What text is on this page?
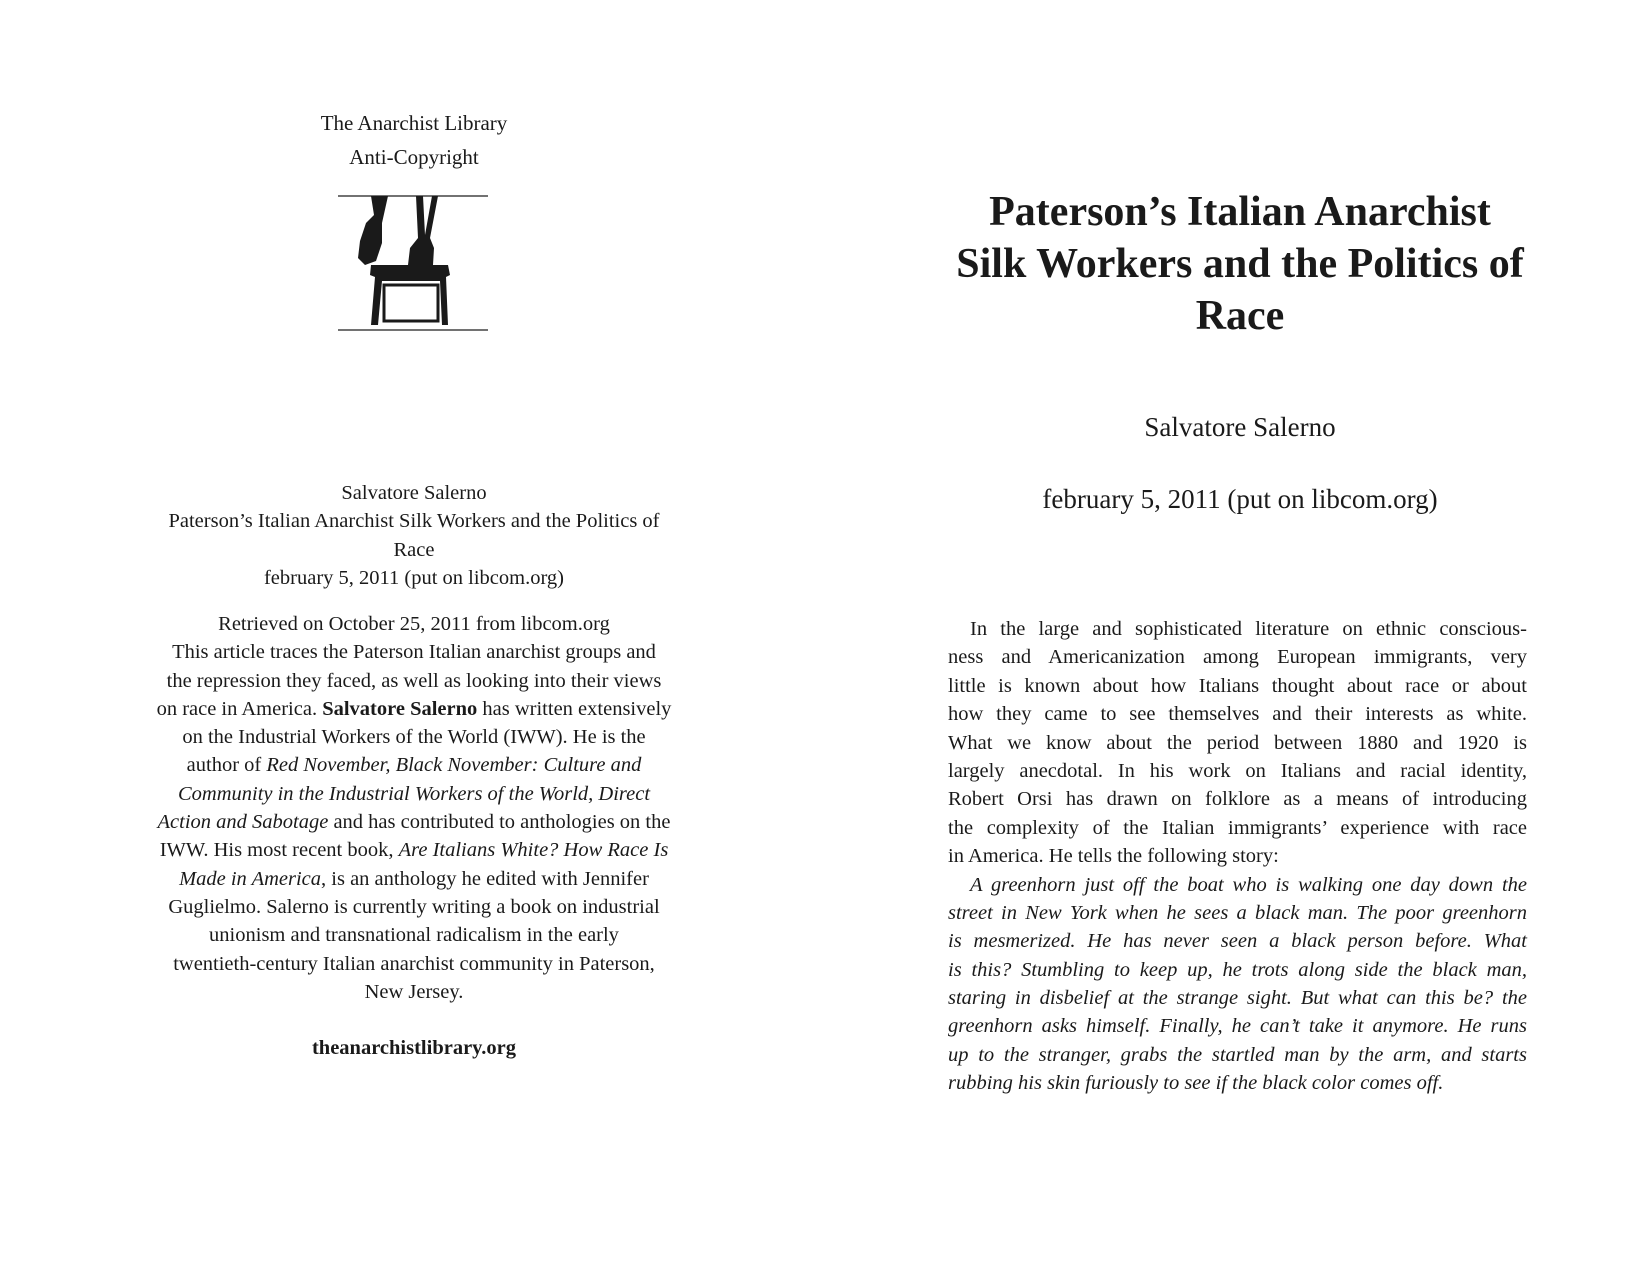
The Anarchist Library
Anti-Copyright
Salvatore Salerno
Paterson’s Italian Anarchist Silk Workers and the Politics of
Race
february 5, 2011 (put on libcom.org)
Retrieved on October 25, 2011 from libcom.org
This article traces the Paterson Italian anarchist groups and
the repression they faced, as well as looking into their views
on race in America. Salvatore Salerno has written extensively
on the Industrial Workers of the World (IWW). He is the
author of Red November, Black November: Culture and
Community in the Industrial Workers of the World, Direct
Action and Sabotage and has contributed to anthologies on the
IWW. His most recent book, Are Italians White? How Race Is
Made in America, is an anthology he edited with Jennifer
Guglielmo. Salerno is currently writing a book on industrial
unionism and transnational radicalism in the early
twentieth-century Italian anarchist community in Paterson,
New Jersey.
theanarchistlibrary.org
Paterson’s Italian Anarchist
Silk Workers and the Politics of
Race
Salvatore Salerno
february 5, 2011 (put on libcom.org)
In the large and sophisticated literature on ethnic conscious-
ness and Americanization among European immigrants, very
little is known about how Italians thought about race or about
how they came to see themselves and their interests as white.
What we know about the period between 1880 and 1920 is
largely anecdotal. In his work on Italians and racial identity,
Robert Orsi has drawn on folklore as a means of introducing
the complexity of the Italian immigrants’ experience with race
in America. He tells the following story:
A greenhorn just off the boat who is walking one day down the
street in New York when he sees a black man. The poor greenhorn
is mesmerized. He has never seen a black person before. What
is this? Stumbling to keep up, he trots along side the black man,
staring in disbelief at the strange sight. But what can this be? the
greenhorn asks himself. Finally, he can’t take it anymore. He runs
up to the stranger, grabs the startled man by the arm, and starts
rubbing his skin furiously to see if the black color comes off.
